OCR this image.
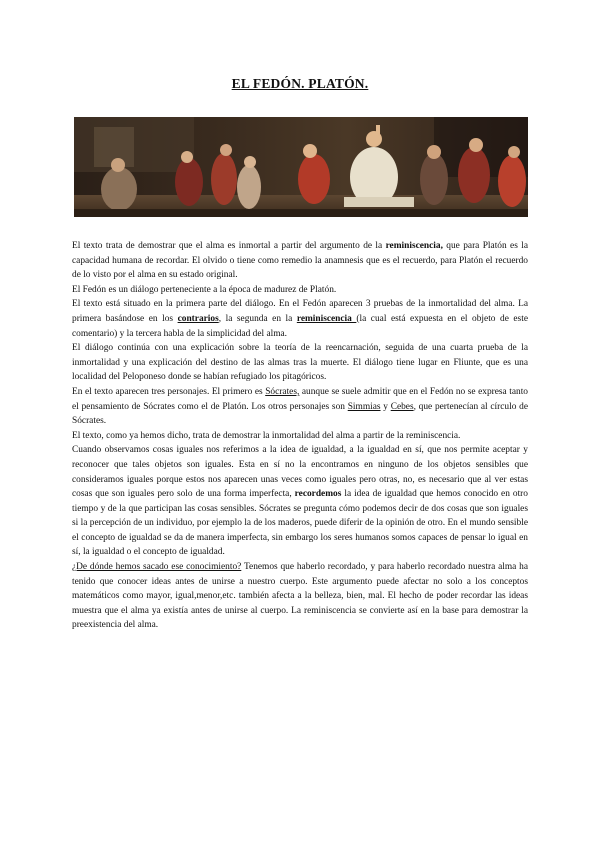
EL FEDÓN. PLATÓN.

El texto trata de demostrar que el alma es inmortal a partir del argumento de la reminiscencia, que para Platón es la capacidad humana de recordar. El olvido o tiene como remedio la anamnesis que es el recuerdo, para Platón el recuerdo de lo visto por el alma en su estado original.

El Fedón es un diálogo perteneciente a la época de madurez de Platón.

El texto está situado en la primera parte del diálogo. En el Fedón aparecen 3 pruebas de la inmortalidad del alma. La primera basándose en los contrarios, la segunda en la reminiscencia (la cual está expuesta en el objeto de este comentario) y la tercera habla de la simplicidad del alma.

El diálogo continúa con una explicación sobre la teoría de la reencarnación, seguida de una cuarta prueba de la inmortalidad y una explicación del destino de las almas tras la muerte. El diálogo tiene lugar en Fliunte, que es una localidad del Peloponeso donde se habían refugiado los pitagóricos.

En el texto aparecen tres personajes. El primero es Sócrates, aunque se suele admitir que en el Fedón no se expresa tanto el pensamiento de Sócrates como el de Platón. Los otros personajes son Simmias y Cebes, que pertenecían al círculo de Sócrates.

El texto, como ya hemos dicho, trata de demostrar la inmortalidad del alma a partir de la reminiscencia.

Cuando observamos cosas iguales nos referimos a la idea de igualdad, a la igualdad en sí, que nos permite aceptar y reconocer que tales objetos son iguales. Esta en sí no la encontramos en ninguno de los objetos sensibles que consideramos iguales porque estos nos aparecen unas veces como iguales pero otras, no, es necesario que al ver estas cosas que son iguales pero solo de una forma imperfecta, recordemos la idea de igualdad que hemos conocido en otro tiempo y de la que participan las cosas sensibles. Sócrates se pregunta cómo podemos decir de dos cosas que son iguales si la percepción de un individuo, por ejemplo la de los maderos, puede diferir de la opinión de otro. En el mundo sensible el concepto de igualdad se da de manera imperfecta, sin embargo los seres humanos somos capaces de pensar lo igual en sí, la igualdad o el concepto de igualdad.

¿De dónde hemos sacado ese conocimiento? Tenemos que haberlo recordado, y para haberlo recordado nuestra alma ha tenido que conocer ideas antes de unirse a nuestro cuerpo. Este argumento puede afectar no solo a los conceptos matemáticos como mayor, igual,menor,etc. también afecta a la belleza, bien, mal. El hecho de poder recordar las ideas muestra que el alma ya existía antes de unirse al cuerpo. La reminiscencia se convierte así en la base para demostrar la preexistencia del alma.
